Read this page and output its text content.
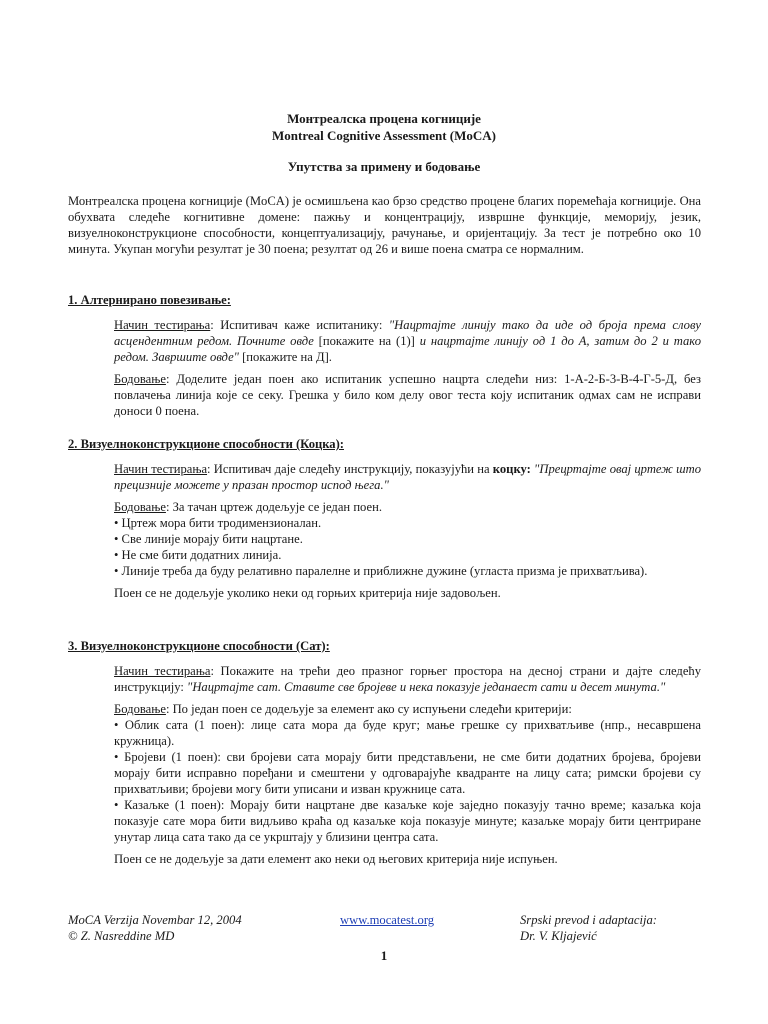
Монтреалска процена когниције
Montreal Cognitive Assessment (MoCA)
Упутства за примену и бодовање

Монтреалска процена когниције (MoCA) је осмишљена као брзо средство процене благих поремећаја когниције. Она обухвата следеће когнитивне домене: пажњу и концентрацију, извршне функције, меморију, језик, визуелноконструкционе способности, концептуализацију, рачунање, и оријентацију. За тест је потребно око 10 минута. Укупан могући резултат је 30 поена; резултат од 26 и више поена сматра се нормалним.

1. Алтернирано повезивање:

Начин тестирања: Испитивач каже испитанику: "Нацртајте линију тако да иде од броја према слову асцендентним редом. Почните овде [покажите на (1)] и нацртајте линију од 1 до А, затим до 2 и тако редом. Завршите овде" [покажите на Д].

Бодовање: Доделите један поен ако испитаник успешно нацрта следећи низ: 1-А-2-Б-3-В-4-Г-5-Д, без повлачења линија које се секу. Грешка у било ком делу овог теста коју испитаник одмах сам не исправи доноси 0 поена.

2. Визуелноконструкционе способности (Коцка):

Начин тестирања: Испитивач даје следећу инструкцију, показујући на коцку: "Прецртајте овај цртеж што прецизније можете у празан простор испод њега."

Бодовање: За тачан цртеж додељује се један поен.
• Цртеж мора бити тродимензионалан.
• Све линије морају бити нацртане.
• Не сме бити додатних линија.
• Линије треба да буду релативно паралелне и приближне дужине (угласта призма је прихватљива).

Поен се не додељује уколико неки од горњих критерија није задовољен.

3. Визуелноконструкционе способности (Сат):

Начин тестирања: Покажите на трећи део празног горњег простора на десној страни и дајте следећу инструкцију: "Нацртајте сат. Ставите све бројеве и нека показује једанаест сати и десет минута."

Бодовање: По један поен се додељује за елемент ако су испуњени следећи критерији:
• Облик сата (1 поен): лице сата мора да буде круг; мање грешке су прихватљиве (нпр., несавршена кружница).
• Бројеви (1 поен): сви бројеви сата морају бити представљени, не сме бити додатних бројева, бројеви морају бити исправно поређани и смештени у одговарајуће квадранте на лицу сата; римски бројеви су прихватљиви; бројеви могу бити уписани и изван кружнице сата.
• Казаљке (1 поен): Морају бити нацртане две казаљке које заједно показују тачно време; казаљка која показује сате мора бити видљиво краћа од казаљке која показује минуте; казаљке морају бити центриране унутар лица сата тако да се укрштају у близини центра сата.

Поен се не додељује за дати елемент ако неки од његових критерија није испуњен.

MoCA Verzija Novembar 12, 2004
© Z. Nasreddine MD
www.mocatest.org	Srpski prevod i adaptacija:
Dr. V. Kljajević
1
